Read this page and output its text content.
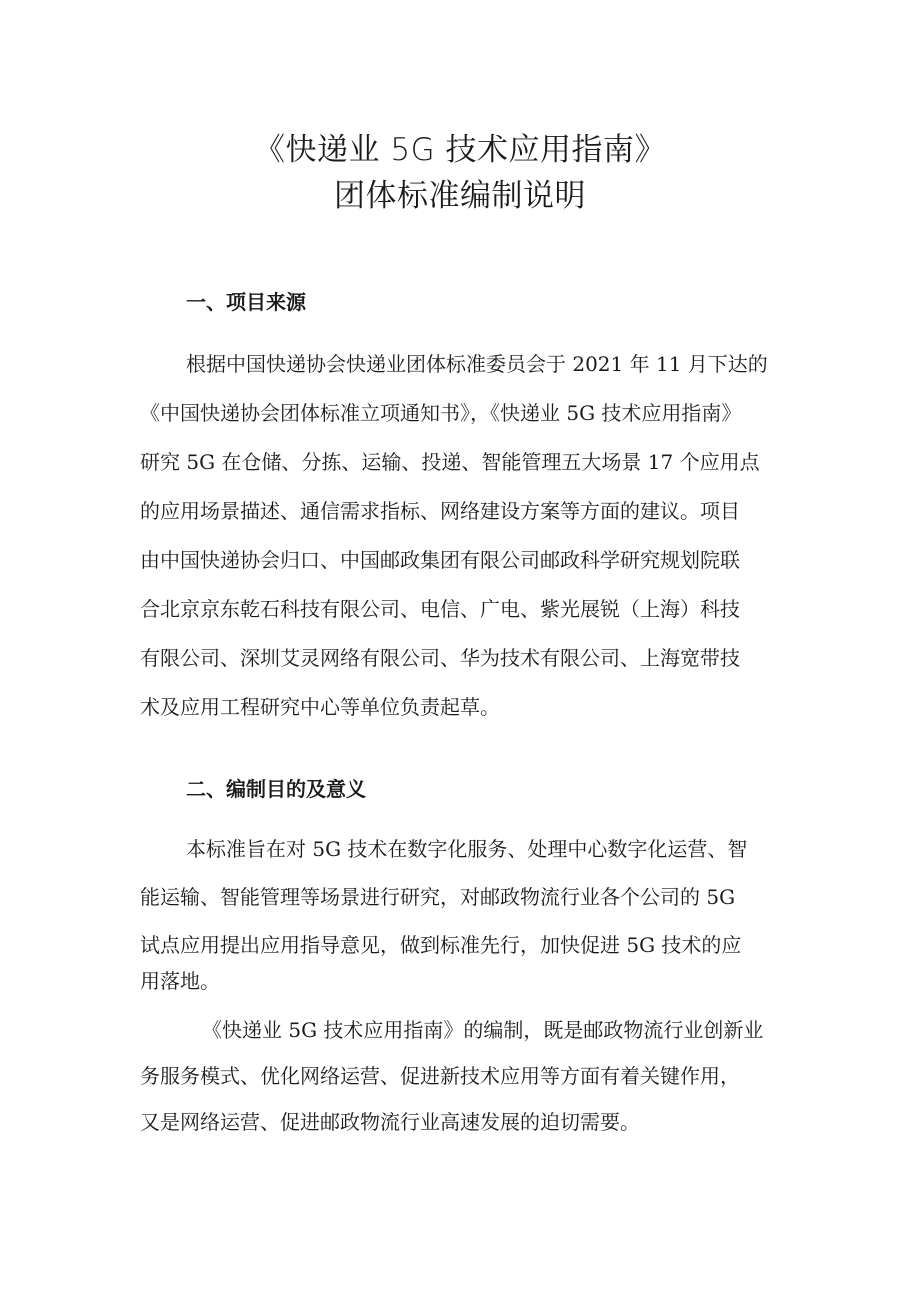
《快递业 5G 技术应用指南》
团体标准编制说明
一、项目来源
根据中国快递协会快递业团体标准委员会于 2021 年 11 月下达的
《中国快递协会团体标准立项通知书》，《快递业 5G 技术应用指南》
研究 5G 在仓储、分拣、运输、投递、智能管理五大场景 17 个应用点
的应用场景描述、通信需求指标、网络建设方案等方面的建议。项目
由中国快递协会归口、中国邮政集团有限公司邮政科学研究规划院联
合北京京东乾石科技有限公司、电信、广电、紫光展锐（上海）科技
有限公司、深圳艾灵网络有限公司、华为技术有限公司、上海宽带技
术及应用工程研究中心等单位负责起草。
二、编制目的及意义
本标准旨在对 5G 技术在数字化服务、处理中心数字化运营、智
能运输、智能管理等场景进行研究，对邮政物流行业各个公司的 5G
试点应用提出应用指导意见，做到标准先行，加快促进 5G 技术的应
用落地。
《快递业 5G 技术应用指南》的编制，既是邮政物流行业创新业
务服务模式、优化网络运营、促进新技术应用等方面有着关键作用，
又是网络运营、促进邮政物流行业高速发展的迫切需要。
